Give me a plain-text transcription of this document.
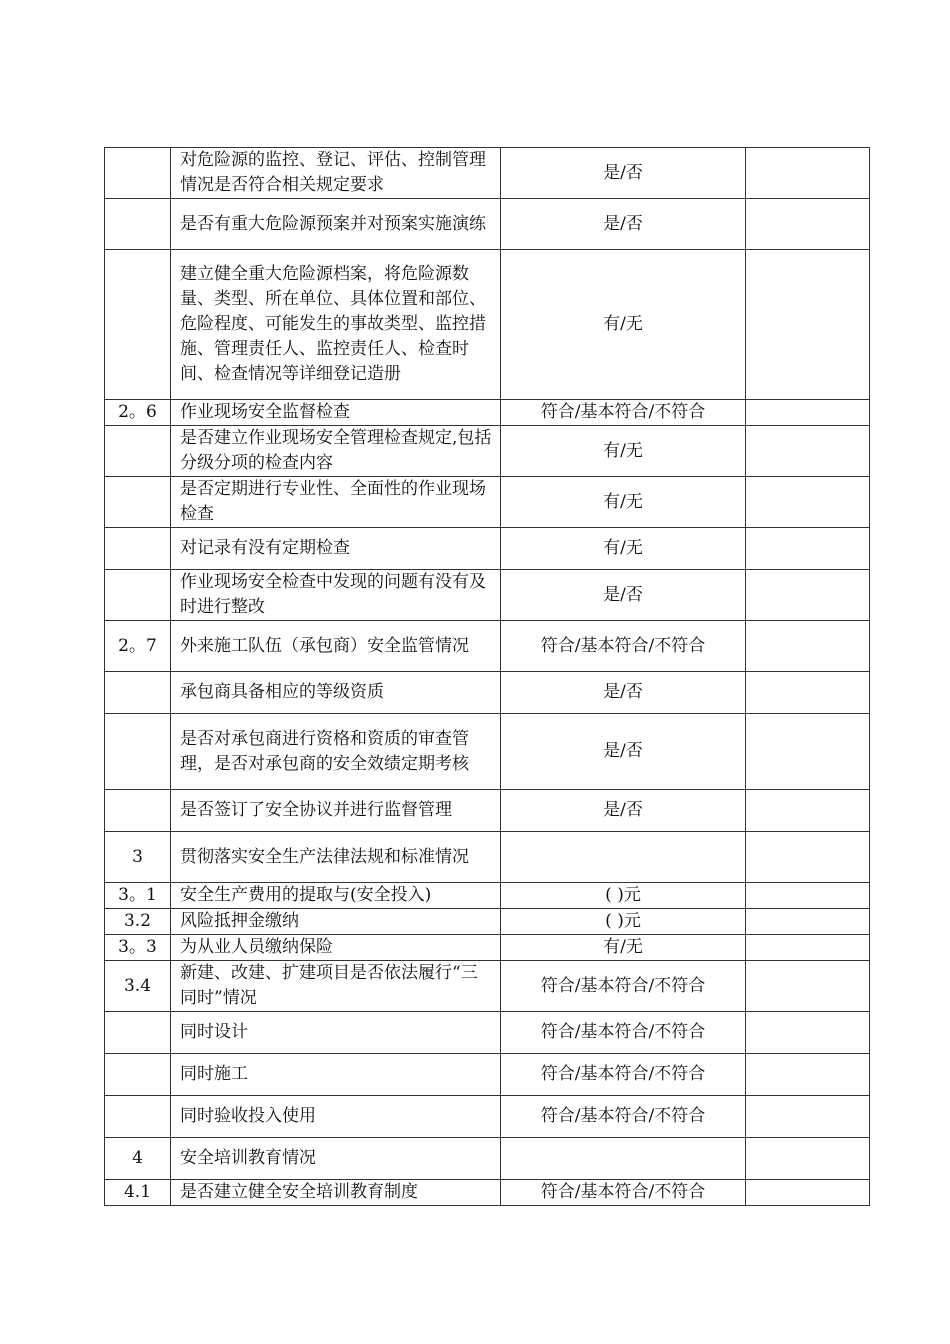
	对危险源的监控、登记、评估、控制管理情况是否符合相关规定要求	是/否	
	是否有重大危险源预案并对预案实施演练	是/否	
	建立健全重大危险源档案，将危险源数量、类型、所在单位、具体位置和部位、危险程度、可能发生的事故类型、监控措施、管理责任人、监控责任人、检查时间、检查情况等详细登记造册	有/无	
2。6	作业现场安全监督检查	符合/基本符合/不符合	
	是否建立作业现场安全管理检查规定,包括分级分项的检查内容	有/无	
	是否定期进行专业性、全面性的作业现场检查	有/无	
	对记录有没有定期检查	有/无	
	作业现场安全检查中发现的问题有没有及时进行整改	是/否	
2。7	外来施工队伍（承包商）安全监管情况	符合/基本符合/不符合	
	承包商具备相应的等级资质	是/否	
	是否对承包商进行资格和资质的审查管理，是否对承包商的安全效绩定期考核	是/否	
	是否签订了安全协议并进行监督管理	是/否	
3	贯彻落实安全生产法律法规和标准情况		
3。1	安全生产费用的提取与(安全投入)	( )元	
3.2	风险抵押金缴纳	( )元	
3。3	为从业人员缴纳保险	有/无	
3.4	新建、改建、扩建项目是否依法履行“三同时”情况	符合/基本符合/不符合	
	同时设计	符合/基本符合/不符合	
	同时施工	符合/基本符合/不符合	
	同时验收投入使用	符合/基本符合/不符合	
4	安全培训教育情况		
4.1	是否建立健全安全培训教育制度	符合/基本符合/不符合	
